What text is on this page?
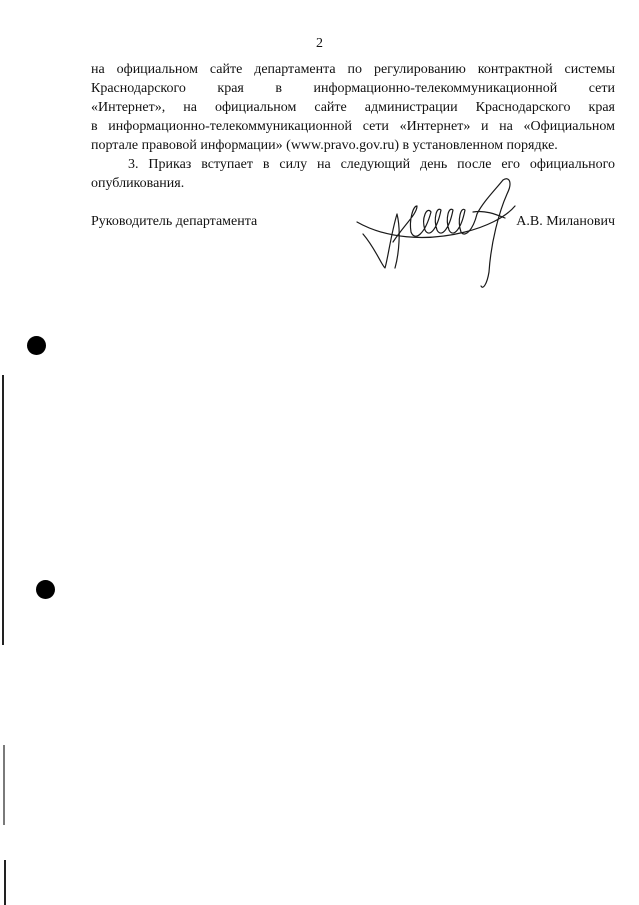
2
на официальном сайте департамента по регулированию контрактной системы
Краснодарского края в информационно-телекоммуникационной сети
«Интернет», на официальном сайте администрации Краснодарского края
в информационно-телекоммуникационной сети «Интернет» и на «Официальном
портале правовой информации» (www.pravo.gov.ru) в установленном порядке.
3. Приказ вступает в силу на следующий день после его официального
опубликования.
Руководитель департамента	А.В. Миланович
